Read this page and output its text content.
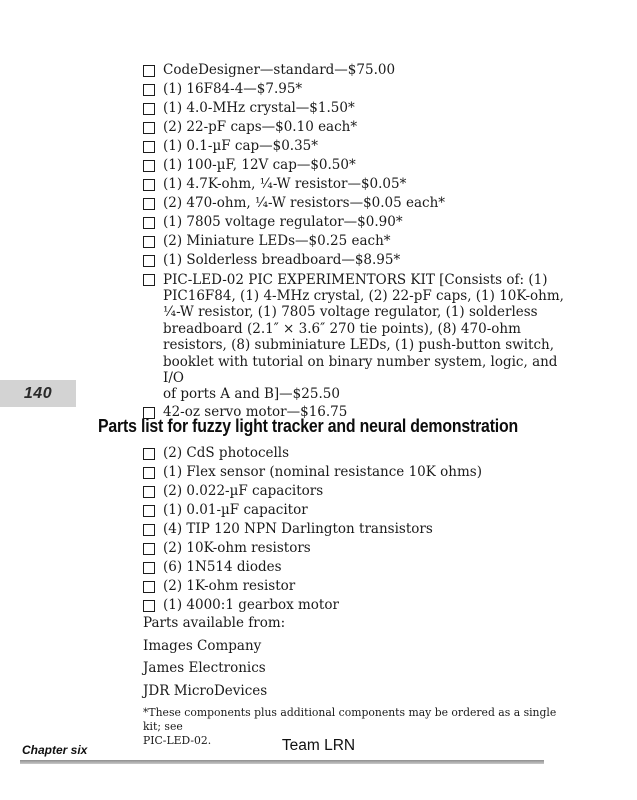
CodeDesigner—standard—$75.00
(1) 16F84-4—$7.95*
(1) 4.0-MHz crystal—$1.50*
(2) 22-pF caps—$0.10 each*
(1) 0.1-µF cap—$0.35*
(1) 100-µF, 12V cap—$0.50*
(1) 4.7K-ohm, ¹⁄₄-W resistor—$0.05*
(2) 470-ohm, ¹⁄₄-W resistors—$0.05 each*
(1) 7805 voltage regulator—$0.90*
(2) Miniature LEDs—$0.25 each*
(1) Solderless breadboard—$8.95*
PIC-LED-02 PIC EXPERIMENTORS KIT [Consists of: (1)
PIC16F84, (1) 4-MHz crystal, (2) 22-pF caps, (1) 10K-ohm,
¹⁄₄-W resistor, (1) 7805 voltage regulator, (1) solderless
breadboard (2.1″ × 3.6″ 270 tie points), (8) 470-ohm
resistors, (8) subminiature LEDs, (1) push-button switch,
booklet with tutorial on binary number system, logic, and I/O
of ports A and B]—$25.50
42-oz servo motor—$16.75
140
Parts list for fuzzy light tracker and neural demonstration
(2) CdS photocells
(1) Flex sensor (nominal resistance 10K ohms)
(2) 0.022-µF capacitors
(1) 0.01-µF capacitor
(4) TIP 120 NPN Darlington transistors
(2) 10K-ohm resistors
(6) 1N514 diodes
(2) 1K-ohm resistor
(1) 4000:1 gearbox motor

Parts available from:

Images Company

James Electronics

JDR MicroDevices

*These components plus additional components may be ordered as a single kit; see
PIC-LED-02.
Chapter six	Team LRN
